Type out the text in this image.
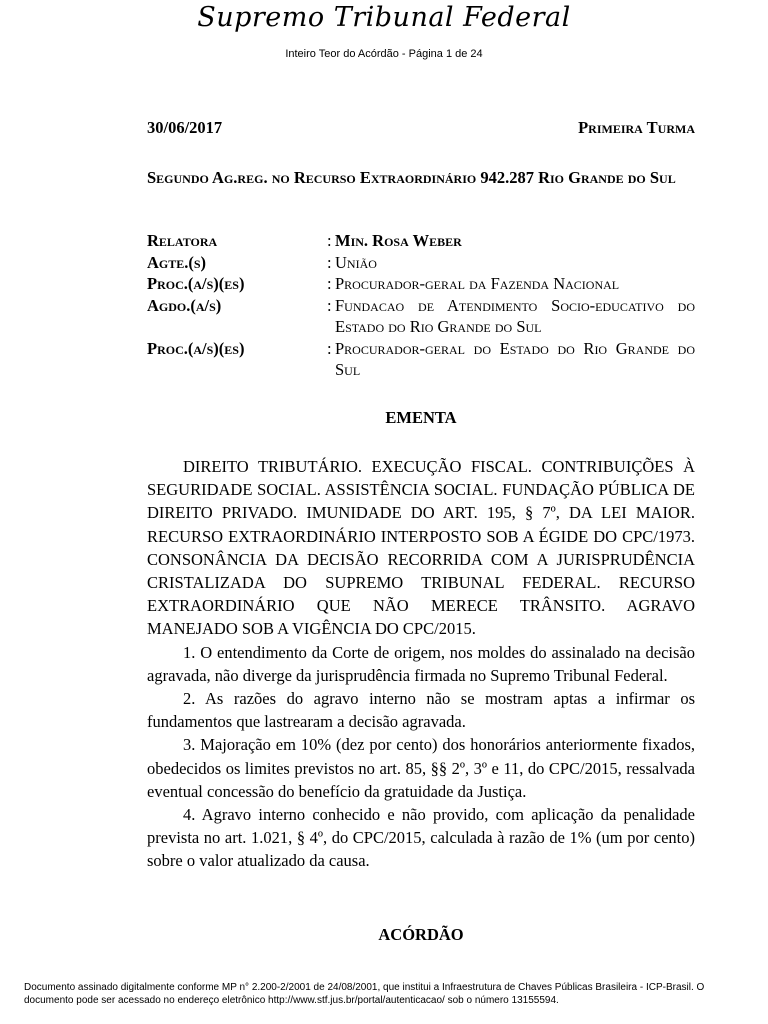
Supremo Tribunal Federal
Inteiro Teor do Acórdão - Página 1 de 24
30/06/2017	Primeira Turma
Segundo Ag.reg. no Recurso Extraordinário 942.287 Rio Grande do Sul
Relatora	: Min. Rosa Weber
Agte.(s)	: União
Proc.(a/s)(es)	: Procurador-geral da Fazenda Nacional
Agdo.(a/s)	: Fundacao de Atendimento Socio-educativo do Estado do Rio Grande do Sul
Proc.(a/s)(es)	: Procurador-geral do Estado do Rio Grande do Sul
EMENTA

DIREITO TRIBUTÁRIO. EXECUÇÃO FISCAL. CONTRIBUIÇÕES À SEGURIDADE SOCIAL. ASSISTÊNCIA SOCIAL. FUNDAÇÃO PÚBLICA DE DIREITO PRIVADO. IMUNIDADE DO ART. 195, § 7º, DA LEI MAIOR. RECURSO EXTRAORDINÁRIO INTERPOSTO SOB A ÉGIDE DO CPC/1973. CONSONÂNCIA DA DECISÃO RECORRIDA COM A JURISPRUDÊNCIA CRISTALIZADA DO SUPREMO TRIBUNAL FEDERAL. RECURSO EXTRAORDINÁRIO QUE NÃO MERECE TRÂNSITO. AGRAVO MANEJADO SOB A VIGÊNCIA DO CPC/2015.

1. O entendimento da Corte de origem, nos moldes do assinalado na decisão agravada, não diverge da jurisprudência firmada no Supremo Tribunal Federal.

2. As razões do agravo interno não se mostram aptas a infirmar os fundamentos que lastrearam a decisão agravada.

3. Majoração em 10% (dez por cento) dos honorários anteriormente fixados, obedecidos os limites previstos no art. 85, §§ 2º, 3º e 11, do CPC/2015, ressalvada eventual concessão do benefício da gratuidade da Justiça.

4. Agravo interno conhecido e não provido, com aplicação da penalidade prevista no art. 1.021, § 4º, do CPC/2015, calculada à razão de 1% (um por cento) sobre o valor atualizado da causa.

ACÓRDÃO
Documento assinado digitalmente conforme MP n° 2.200-2/2001 de 24/08/2001, que institui a Infraestrutura de Chaves Públicas Brasileira - ICP-Brasil. O
documento pode ser acessado no endereço eletrônico http://www.stf.jus.br/portal/autenticacao/ sob o número 13155594.
